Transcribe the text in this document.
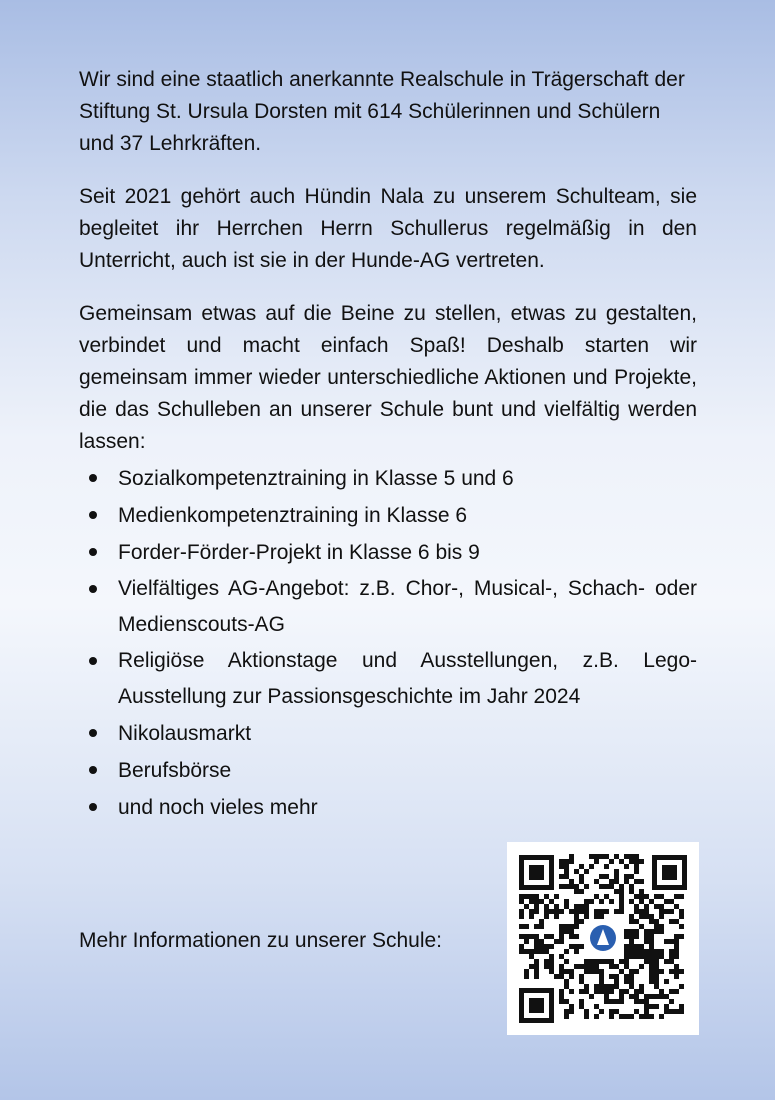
Wir sind eine staatlich anerkannte Realschule in Trägerschaft der Stiftung St. Ursula Dorsten mit 614 Schülerinnen und Schülern und 37 Lehrkräften.

Seit 2021 gehört auch Hündin Nala zu unserem Schulteam, sie begleitet ihr Herrchen Herrn Schullerus regelmäßig in den Unterricht, auch ist sie in der Hunde-AG vertreten.

Gemeinsam etwas auf die Beine zu stellen, etwas zu gestalten, verbindet und macht einfach Spaß! Deshalb starten wir gemeinsam immer wieder unterschiedliche Aktionen und Projekte, die das Schulleben an unserer Schule bunt und vielfältig werden lassen:

Sozialkompetenztraining in Klasse 5 und 6
Medienkompetenztraining in Klasse 6
Forder-Förder-Projekt in Klasse 6 bis 9
Vielfältiges AG-Angebot: z.B. Chor-, Musical-, Schach- oder Medienscouts-AG
Religiöse Aktionstage und Ausstellungen, z.B. Lego-Ausstellung zur Passionsgeschichte im Jahr 2024
Nikolausmarkt
Berufsbörse
und noch vieles mehr
Mehr Informationen zu unserer Schule:
